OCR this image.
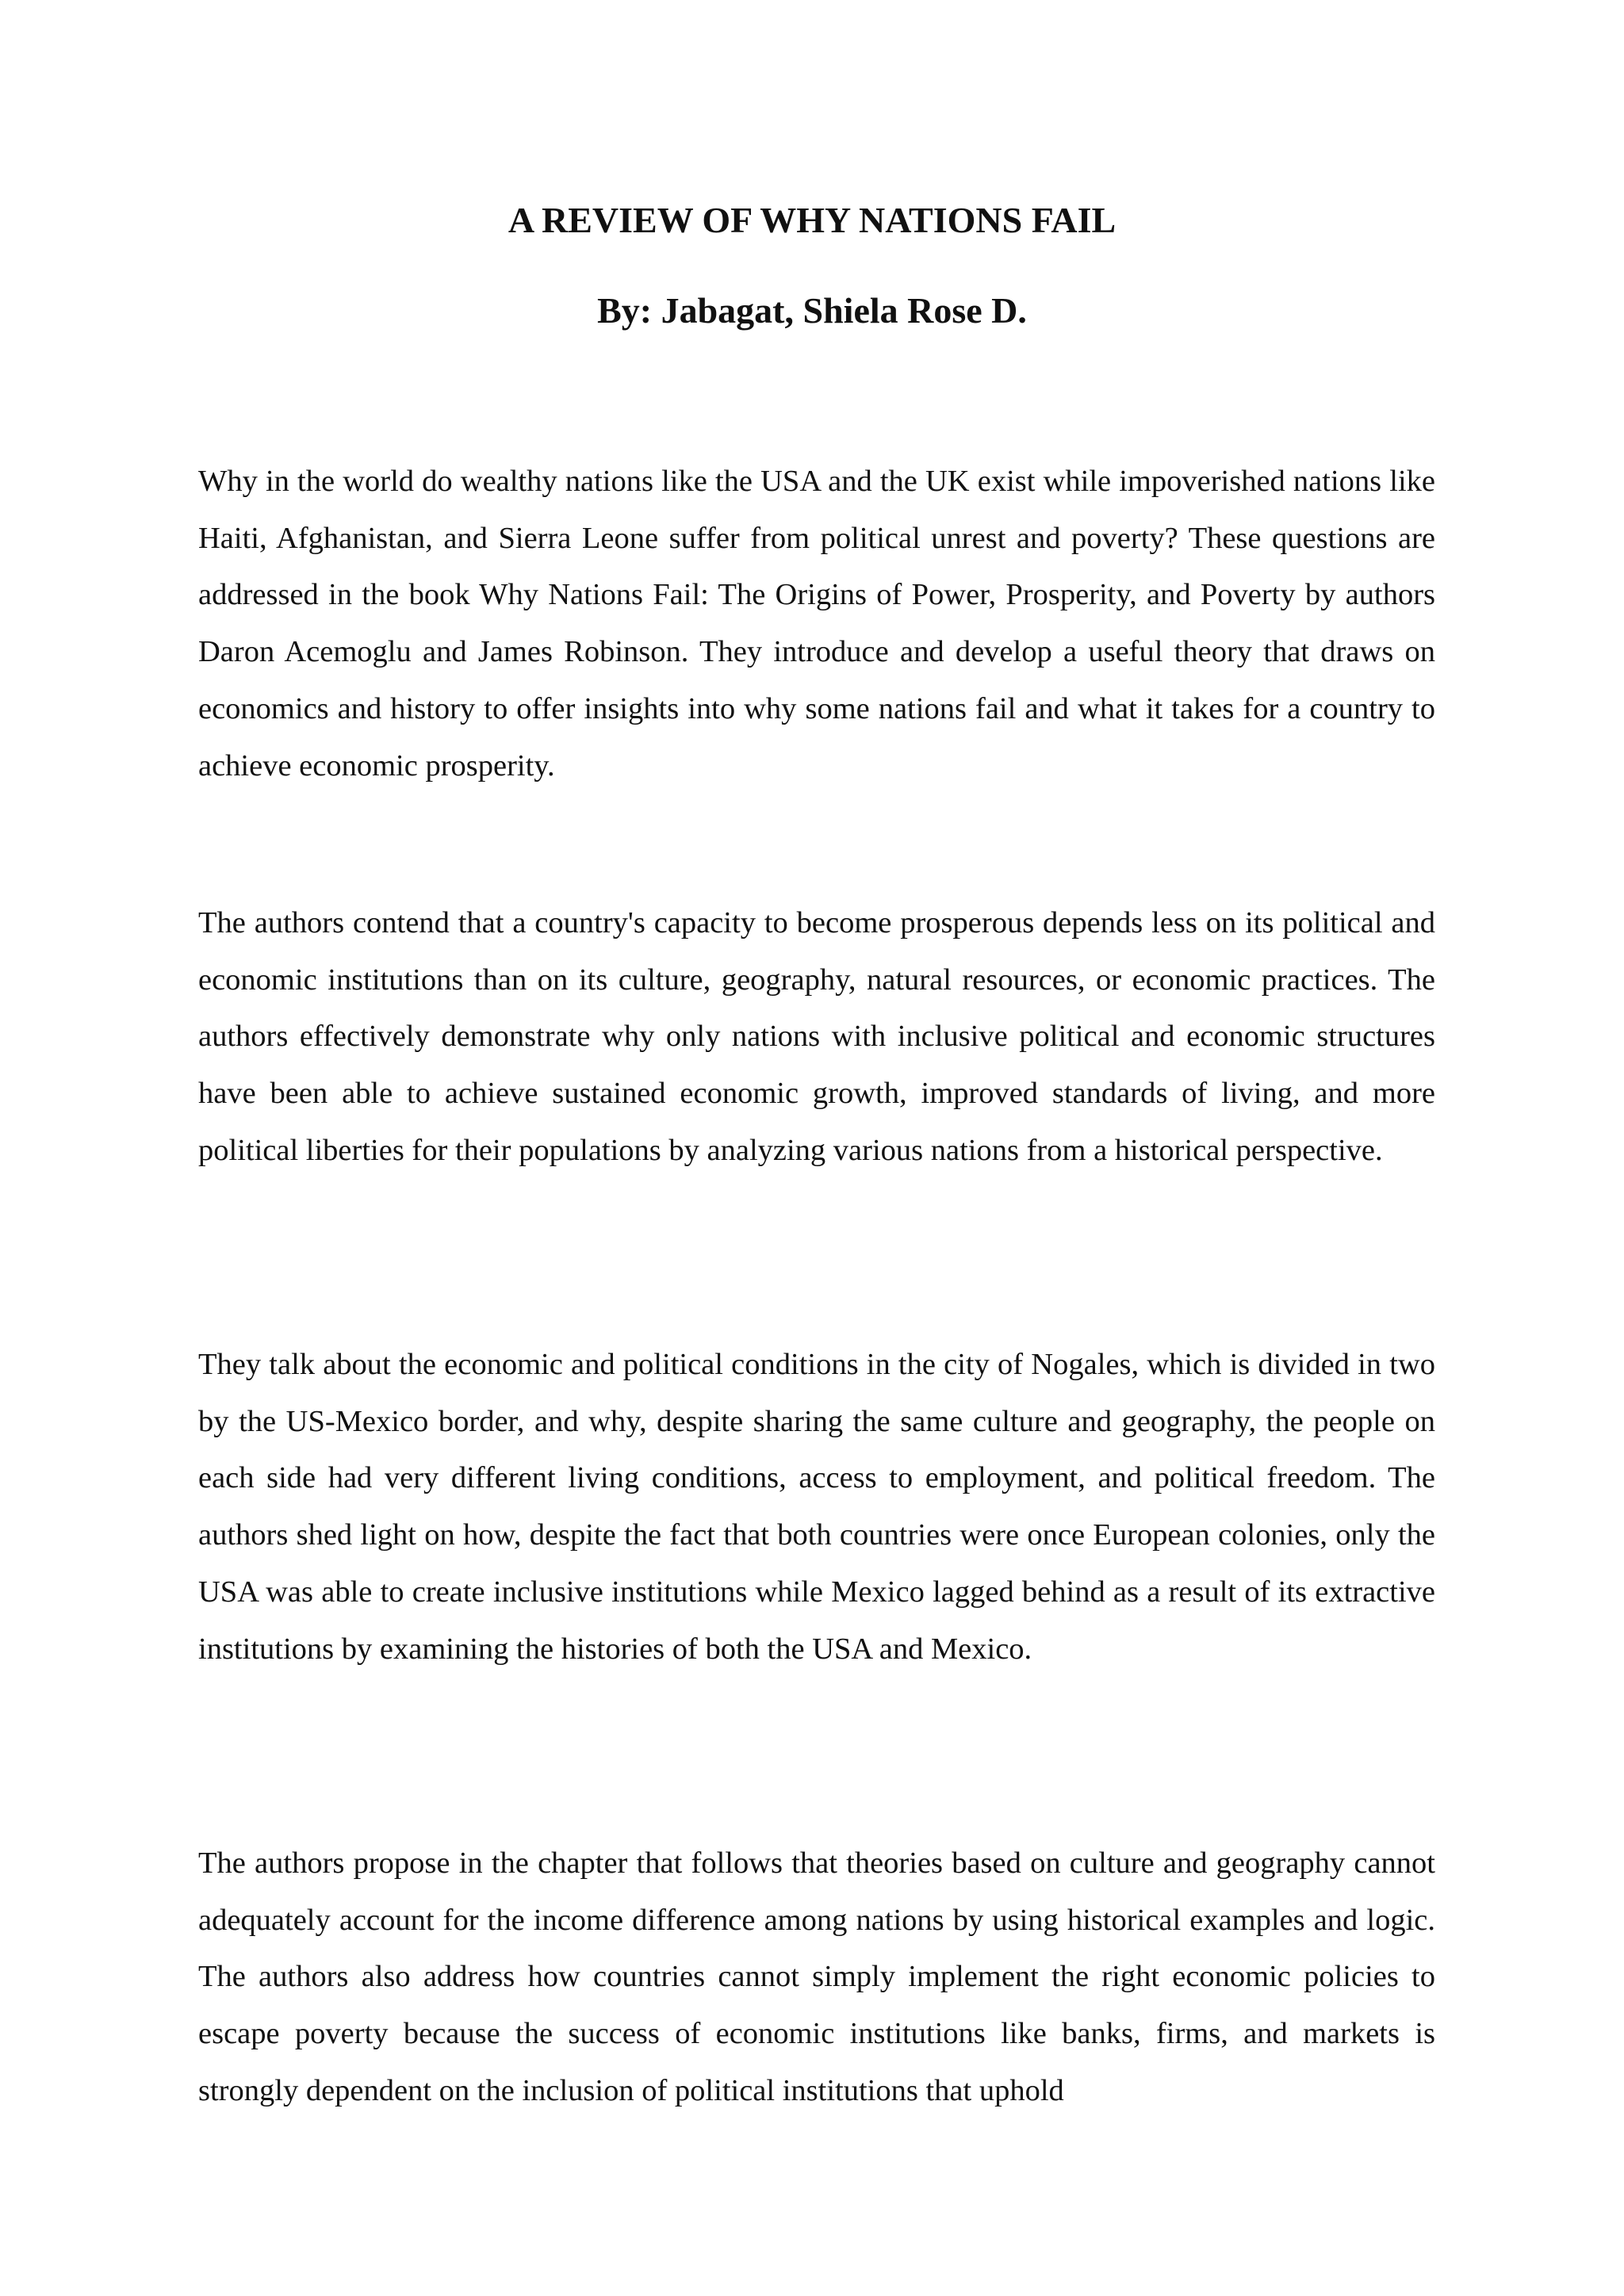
A REVIEW OF WHY NATIONS FAIL
By: Jabagat, Shiela Rose D.

Why in the world do wealthy nations like the USA and the UK exist while impoverished nations like Haiti, Afghanistan, and Sierra Leone suffer from political unrest and poverty? These questions are addressed in the book Why Nations Fail: The Origins of Power, Prosperity, and Poverty by authors Daron Acemoglu and James Robinson. They introduce and develop a useful theory that draws on economics and history to offer insights into why some nations fail and what it takes for a country to achieve economic prosperity.

The authors contend that a country's capacity to become prosperous depends less on its political and economic institutions than on its culture, geography, natural resources, or economic practices. The authors effectively demonstrate why only nations with inclusive political and economic structures have been able to achieve sustained economic growth, improved standards of living, and more political liberties for their populations by analyzing various nations from a historical perspective.

They talk about the economic and political conditions in the city of Nogales, which is divided in two by the US-Mexico border, and why, despite sharing the same culture and geography, the people on each side had very different living conditions, access to employment, and political freedom. The authors shed light on how, despite the fact that both countries were once European colonies, only the USA was able to create inclusive institutions while Mexico lagged behind as a result of its extractive institutions by examining the histories of both the USA and Mexico.

The authors propose in the chapter that follows that theories based on culture and geography cannot adequately account for the income difference among nations by using historical examples and logic. The authors also address how countries cannot simply implement the right economic policies to escape poverty because the success of economic institutions like banks, firms, and markets is strongly dependent on the inclusion of political institutions that uphold
